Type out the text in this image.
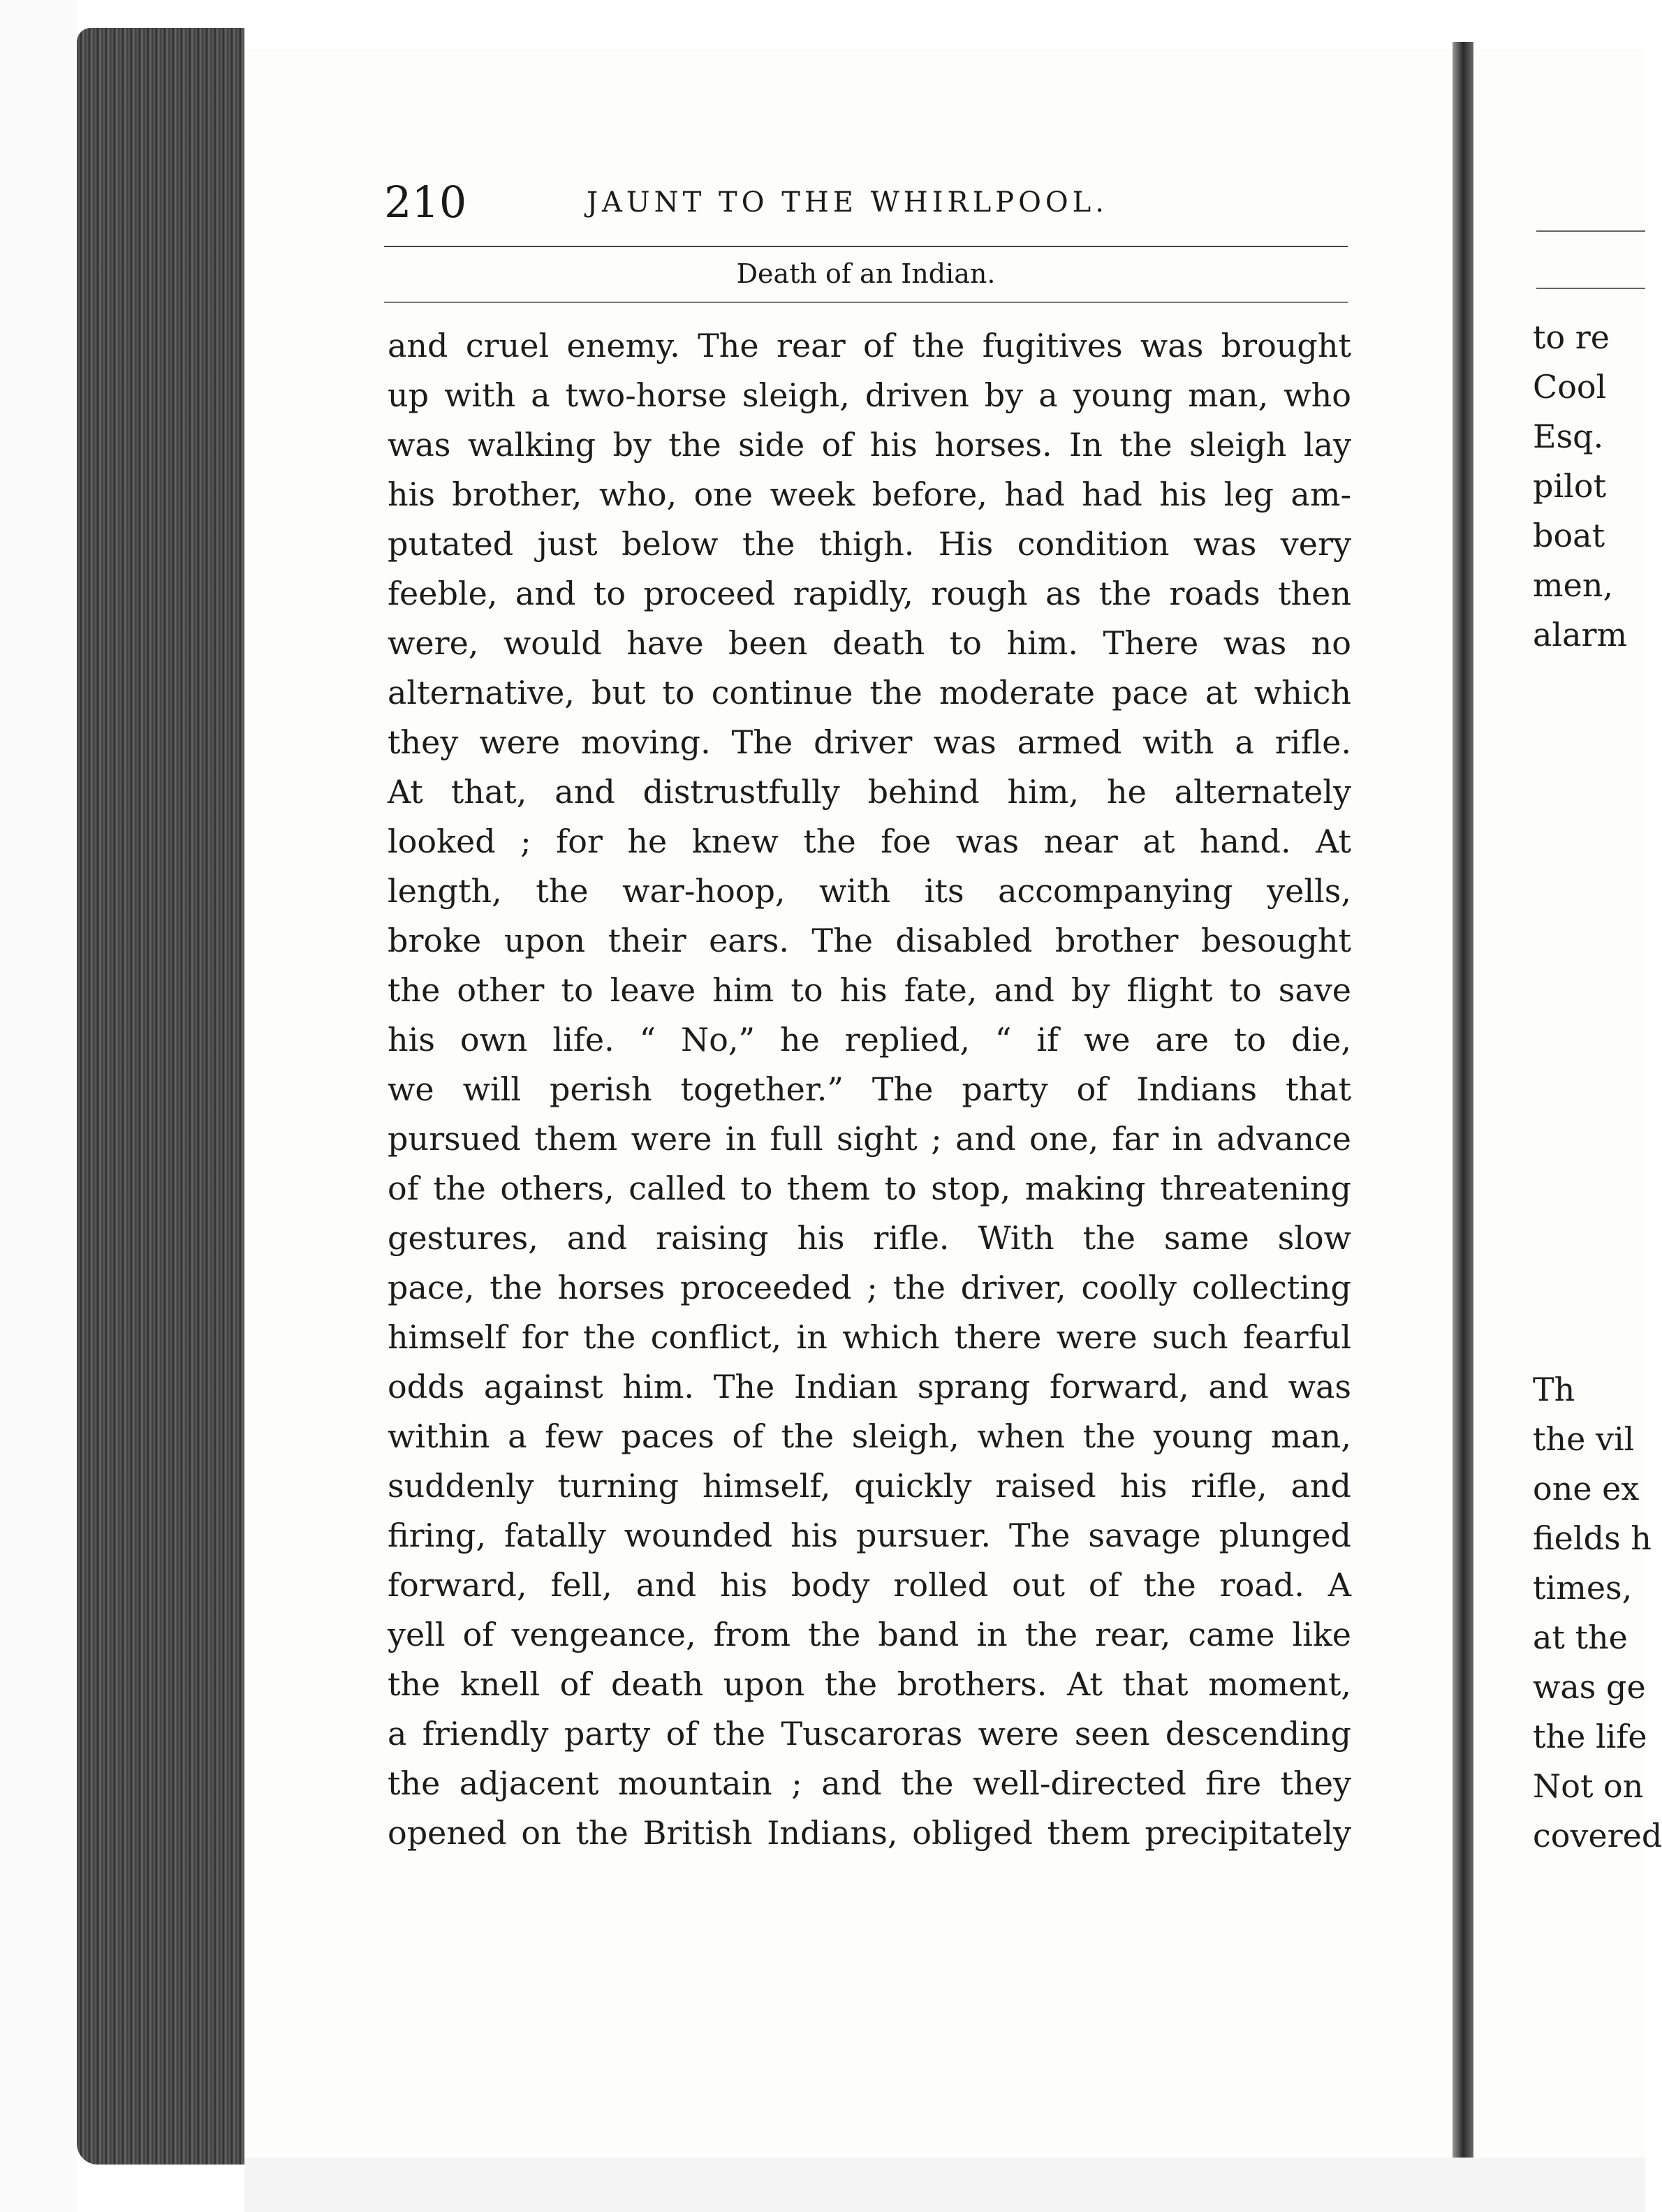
210	JAUNT TO THE WHIRLPOOL.
Death of an Indian.
and cruel enemy. The rear of the fugitives was brought
up with a two-horse sleigh, driven by a young man, who
was walking by the side of his horses. In the sleigh lay
his brother, who, one week before, had had his leg am-
putated just below the thigh. His condition was very
feeble, and to proceed rapidly, rough as the roads then
were, would have been death to him. There was no
alternative, but to continue the moderate pace at which
they were moving. The driver was armed with a rifle.
At that, and distrustfully behind him, he alternately
looked ; for he knew the foe was near at hand. At
length, the war-hoop, with its accompanying yells,
broke upon their ears. The disabled brother besought
the other to leave him to his fate, and by flight to save
his own life. “ No,” he replied, “ if we are to die,
we will perish together.” The party of Indians that
pursued them were in full sight ; and one, far in advance
of the others, called to them to stop, making threatening
gestures, and raising his rifle. With the same slow
pace, the horses proceeded ; the driver, coolly collecting
himself for the conflict, in which there were such fearful
odds against him. The Indian sprang forward, and was
within a few paces of the sleigh, when the young man,
suddenly turning himself, quickly raised his rifle, and
firing, fatally wounded his pursuer. The savage plunged
forward, fell, and his body rolled out of the road. A
yell of vengeance, from the band in the rear, came like
the knell of death upon the brothers. At that moment,
a friendly party of the Tuscaroras were seen descending
the adjacent mountain ; and the well-directed fire they
opened on the British Indians, obliged them precipitately
to re
Cool
Esq.
pilot
boat
men,
alarm
Th
the vil
one ex
fields h
times,
at the
was ge
the life
Not on
covered
